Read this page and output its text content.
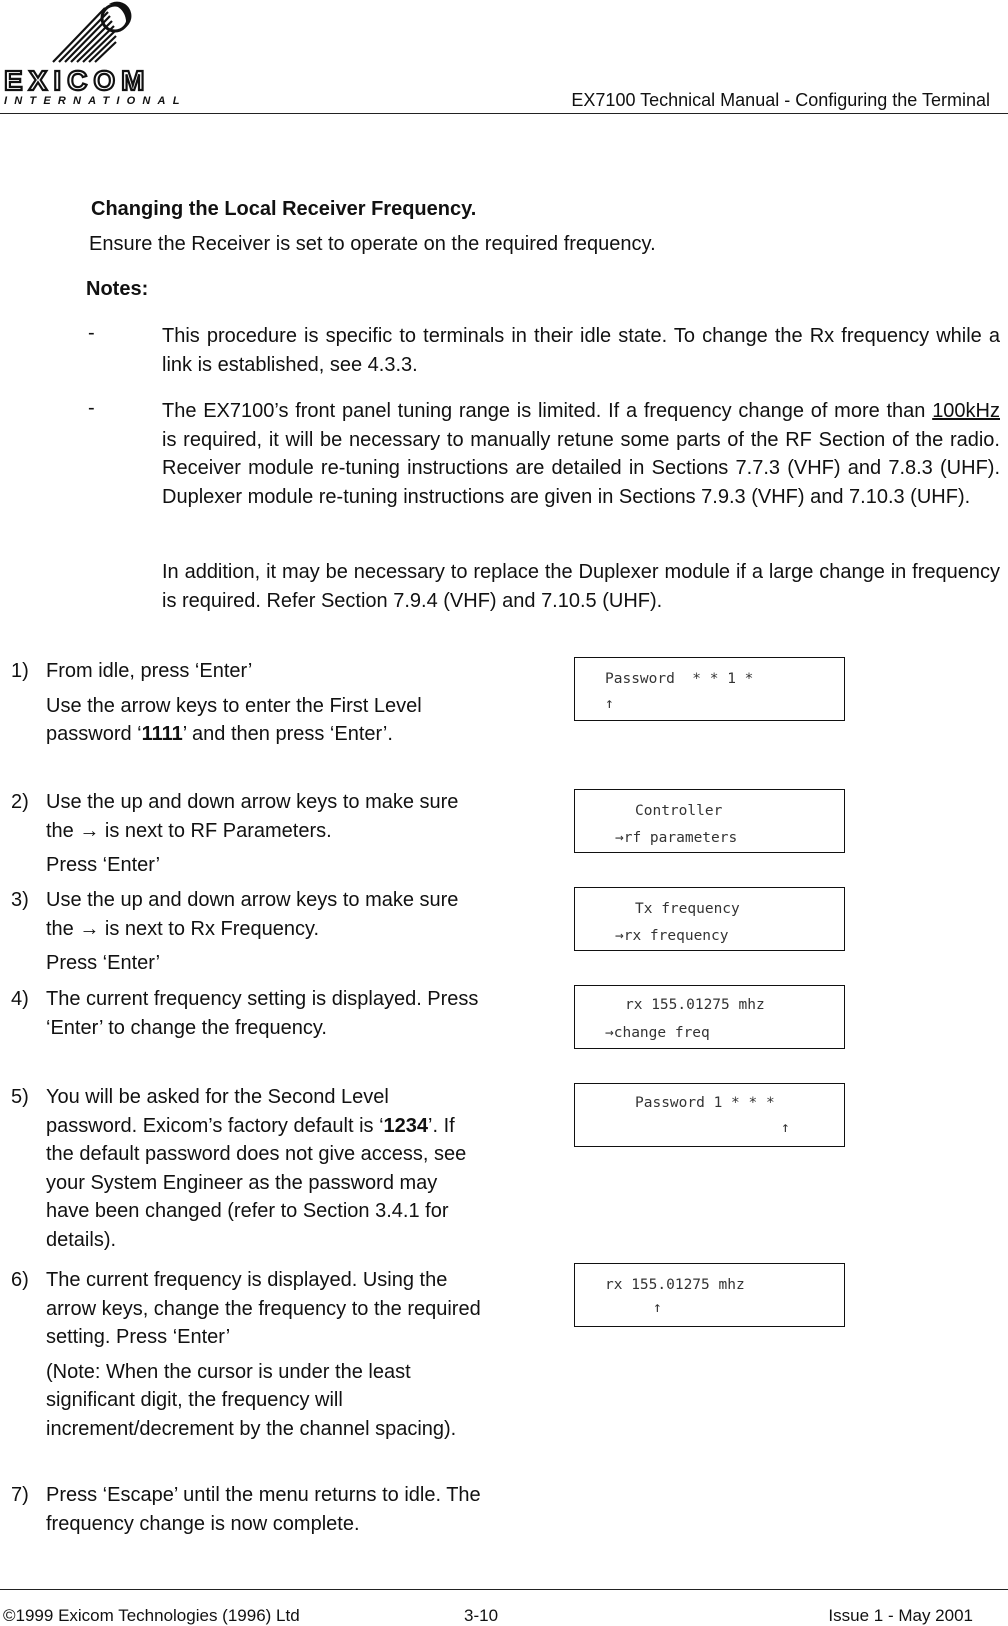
EXICOM
INTERNATIONAL	EX7100 Technical Manual - Configuring the Terminal
Changing the Local Receiver Frequency.
Ensure the Receiver is set to operate on the required frequency.
Notes:
-	This procedure is specific to terminals in their idle state. To change the Rx frequency while a link is established, see 4.3.3.
-	The EX7100’s front panel tuning range is limited. If a frequency change of more than 100kHz is required, it will be necessary to manually retune some parts of the RF Section of the radio. Receiver module re-tuning instructions are detailed in Sections 7.7.3 (VHF) and 7.8.3 (UHF). Duplexer module re-tuning instructions are given in Sections 7.9.3 (VHF) and 7.10.3 (UHF).
In addition, it may be necessary to replace the Duplexer module if a large change in frequency is required. Refer Section 7.9.4 (VHF) and 7.10.5 (UHF).
1) From idle, press ‘Enter’

Use the arrow keys to enter the First Level password ‘1111’ and then press ‘Enter’.

2) Use the up and down arrow keys to make sure the → is next to RF Parameters.

Press ‘Enter’

3) Use the up and down arrow keys to make sure the → is next to Rx Frequency.

Press ‘Enter’

4) The current frequency setting is displayed. Press ‘Enter’ to change the frequency.

5) You will be asked for the Second Level password. Exicom’s factory default is ‘1234’. If the default password does not give access, see your System Engineer as the password may have been changed (refer to Section 3.4.1 for details).

6) The current frequency is displayed. Using the arrow keys, change the frequency to the required setting. Press ‘Enter’

(Note: When the cursor is under the least significant digit, the frequency will increment/decrement by the channel spacing).

7) Press ‘Escape’ until the menu returns to idle. The frequency change is now complete.

Password  * * 1 *
↑
Controller
→rf parameters
Tx frequency
→rx frequency
rx 155.01275 mhz
→change freq
Password 1 * * *
↑
rx 155.01275 mhz
↑
©1999 Exicom Technologies (1996) Ltd	3-10	Issue 1 - May 2001
